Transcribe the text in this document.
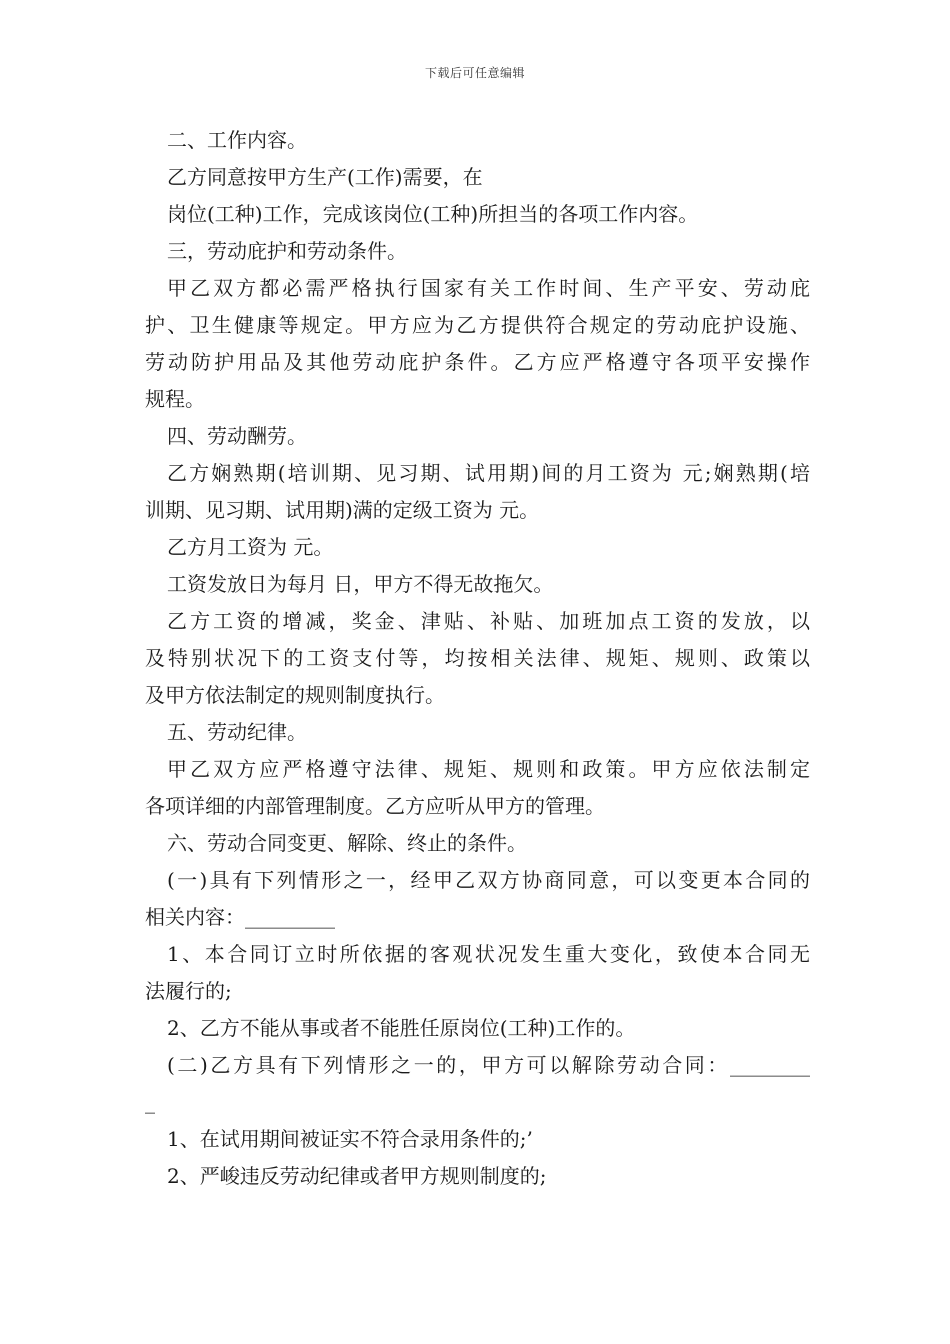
下载后可任意编辑
二、工作内容。
乙方同意按甲方生产(工作)需要，在
岗位(工种)工作，完成该岗位(工种)所担当的各项工作内容。
三，劳动庇护和劳动条件。
甲乙双方都必需严格执行国家有关工作时间、生产平安、劳动庇
护、卫生健康等规定。甲方应为乙方提供符合规定的劳动庇护设施、
劳动防护用品及其他劳动庇护条件。乙方应严格遵守各项平安操作
规程。
四、劳动酬劳。
乙方娴熟期(培训期、见习期、试用期)间的月工资为 元;娴熟期(培
训期、见习期、试用期)满的定级工资为 元。
乙方月工资为 元。
工资发放日为每月 日，甲方不得无故拖欠。
乙方工资的增减，奖金、津贴、补贴、加班加点工资的发放，以
及特别状况下的工资支付等，均按相关法律、规矩、规则、政策以
及甲方依法制定的规则制度执行。
五、劳动纪律。
甲乙双方应严格遵守法律、规矩、规则和政策。甲方应依法制定
各项详细的内部管理制度。乙方应听从甲方的管理。
六、劳动合同变更、解除、终止的条件。
(一)具有下列情形之一，经甲乙双方协商同意，可以变更本合同的
相关内容：_________
1、本合同订立时所依据的客观状况发生重大变化，致使本合同无
法履行的;
2、乙方不能从事或者不能胜任原岗位(工种)工作的。
(二)乙方具有下列情形之一的，甲方可以解除劳动合同：________
_
1、在试用期间被证实不符合录用条件的;’
2、严峻违反劳动纪律或者甲方规则制度的;
